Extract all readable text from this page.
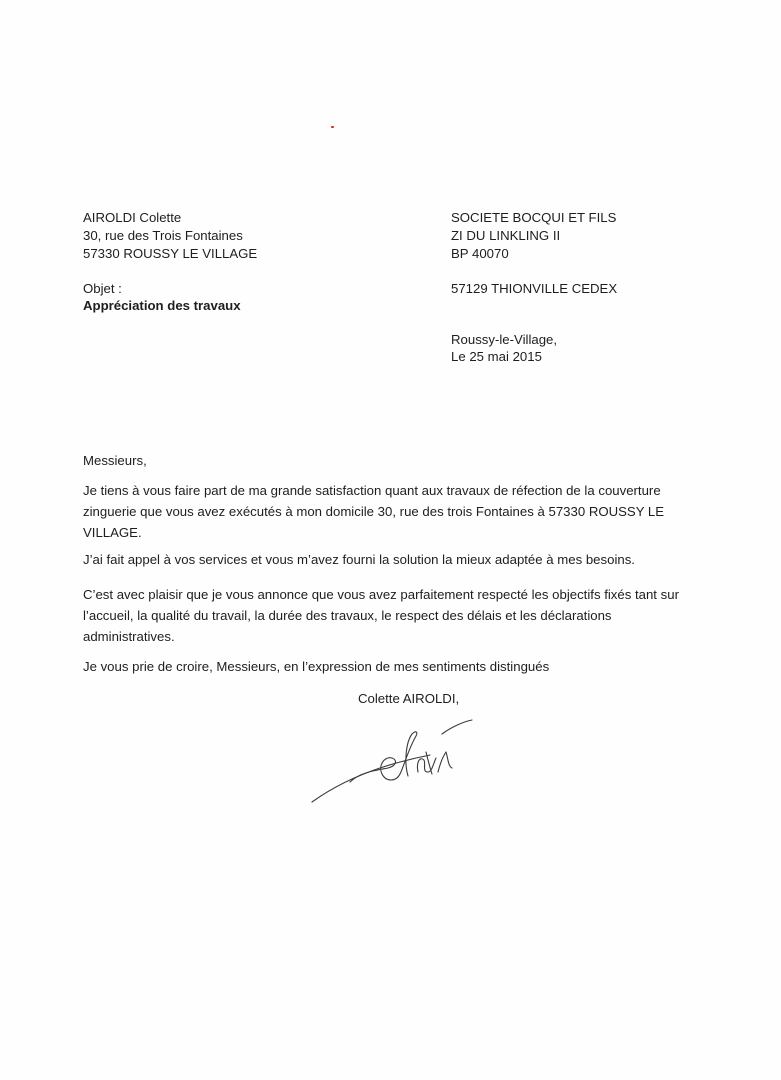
AIROLDI Colette
30, rue des Trois Fontaines
57330 ROUSSY LE VILLAGE
SOCIETE BOCQUI ET FILS
ZI DU LINKLING II
BP 40070
57129 THIONVILLE CEDEX
Objet :
Appréciation des travaux
Roussy-le-Village,
Le 25 mai 2015
Messieurs,
Je tiens à vous faire part de ma grande satisfaction quant aux travaux de réfection de la couverture zinguerie que vous avez exécutés à mon domicile 30, rue des trois Fontaines à 57330 ROUSSY LE VILLAGE.
J’ai fait appel à vos services et vous m’avez fourni la solution la mieux adaptée à mes besoins.
C’est avec plaisir que je vous annonce que vous avez parfaitement respecté les objectifs fixés tant sur l’accueil, la qualité du travail, la durée des travaux, le respect des délais et les déclarations administratives.
Je vous prie de croire, Messieurs, en l’expression de mes sentiments distingués
Colette AIROLDI,
